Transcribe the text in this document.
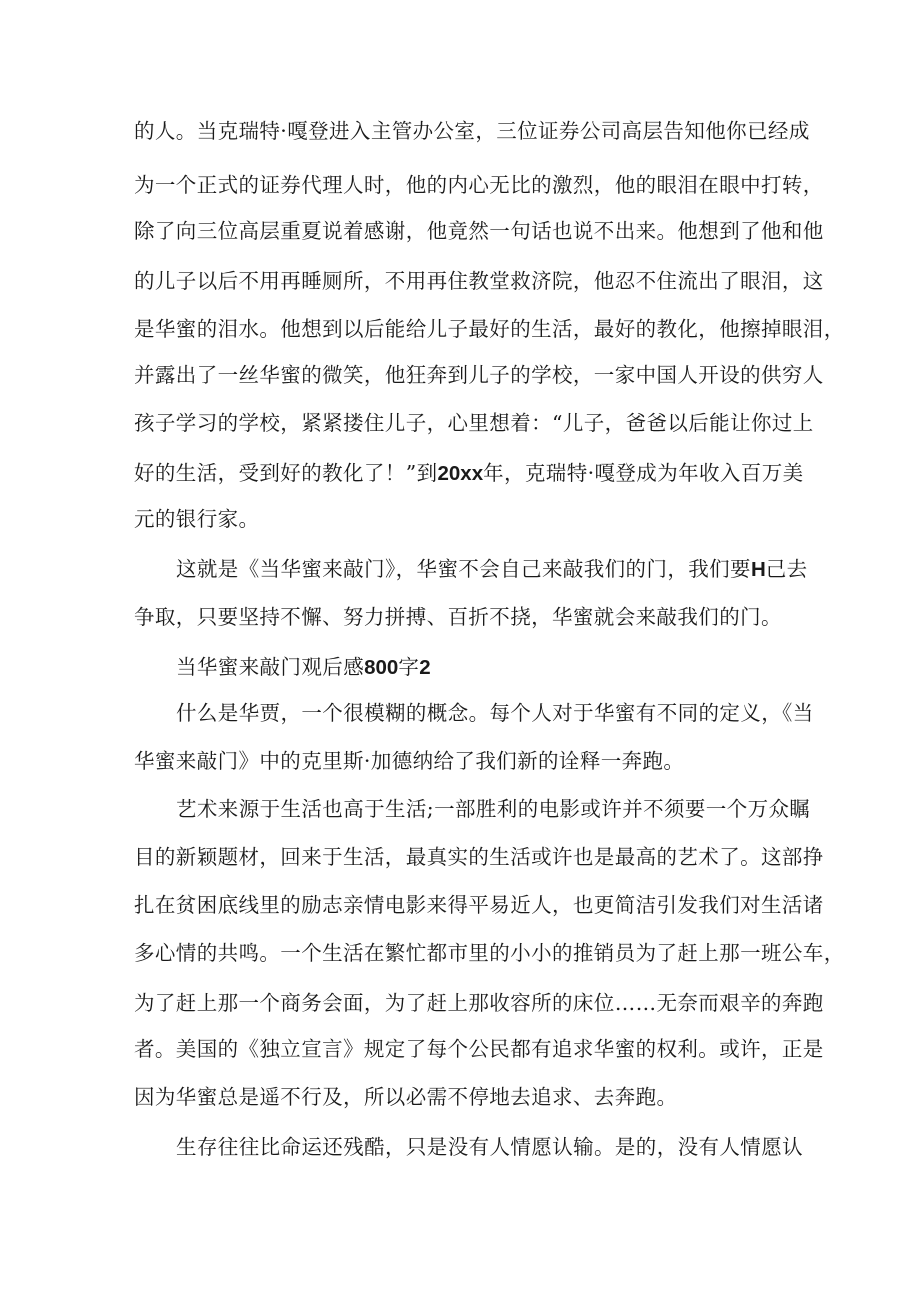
的人。当克瑞特·嘎登进入主管办公室，三位证券公司高层告知他你已经成
为一个正式的证券代理人时，他的内心无比的激烈，他的眼泪在眼中打转，
除了向三位高层重夏说着感谢，他竟然一句话也说不出来。他想到了他和他
的儿子以后不用再睡厕所，不用再住教堂救济院，他忍不住流出了眼泪，这
是华蜜的泪水。他想到以后能给儿子最好的生活，最好的教化，他擦掉眼泪，
并露出了一丝华蜜的微笑，他狂奔到儿子的学校，一家中国人开设的供穷人
孩子学习的学校，紧紧搂住儿子，心里想着：“儿子，爸爸以后能让你过上
好的生活，受到好的教化了！”到20xx年，克瑞特·嘎登成为年收入百万美
元的银行家。
这就是《当华蜜来敲门》，华蜜不会自己来敲我们的门，我们要H己去
争取，只要坚持不懈、努力拼搏、百折不挠，华蜜就会来敲我们的门。
当华蜜来敲门观后感800字2
什么是华贾，一个很模糊的概念。每个人对于华蜜有不同的定义，《当
华蜜来敲门》中的克里斯·加德纳给了我们新的诠释一奔跑。
艺术来源于生活也高于生活;一部胜利的电影或许并不须要一个万众瞩
目的新颖题材，回来于生活，最真实的生活或许也是最高的艺术了。这部挣
扎在贫困底线里的励志亲情电影来得平易近人，也更简洁引发我们对生活诸
多心情的共鸣。一个生活在繁忙都市里的小小的推销员为了赶上那一班公车，
为了赶上那一个商务会面，为了赶上那收容所的床位……无奈而艰辛的奔跑
者。美国的《独立宣言》规定了每个公民都有追求华蜜的权利。或许，正是
因为华蜜总是遥不行及，所以必需不停地去追求、去奔跑。
生存往往比命运还残酷，只是没有人情愿认输。是的，没有人情愿认
